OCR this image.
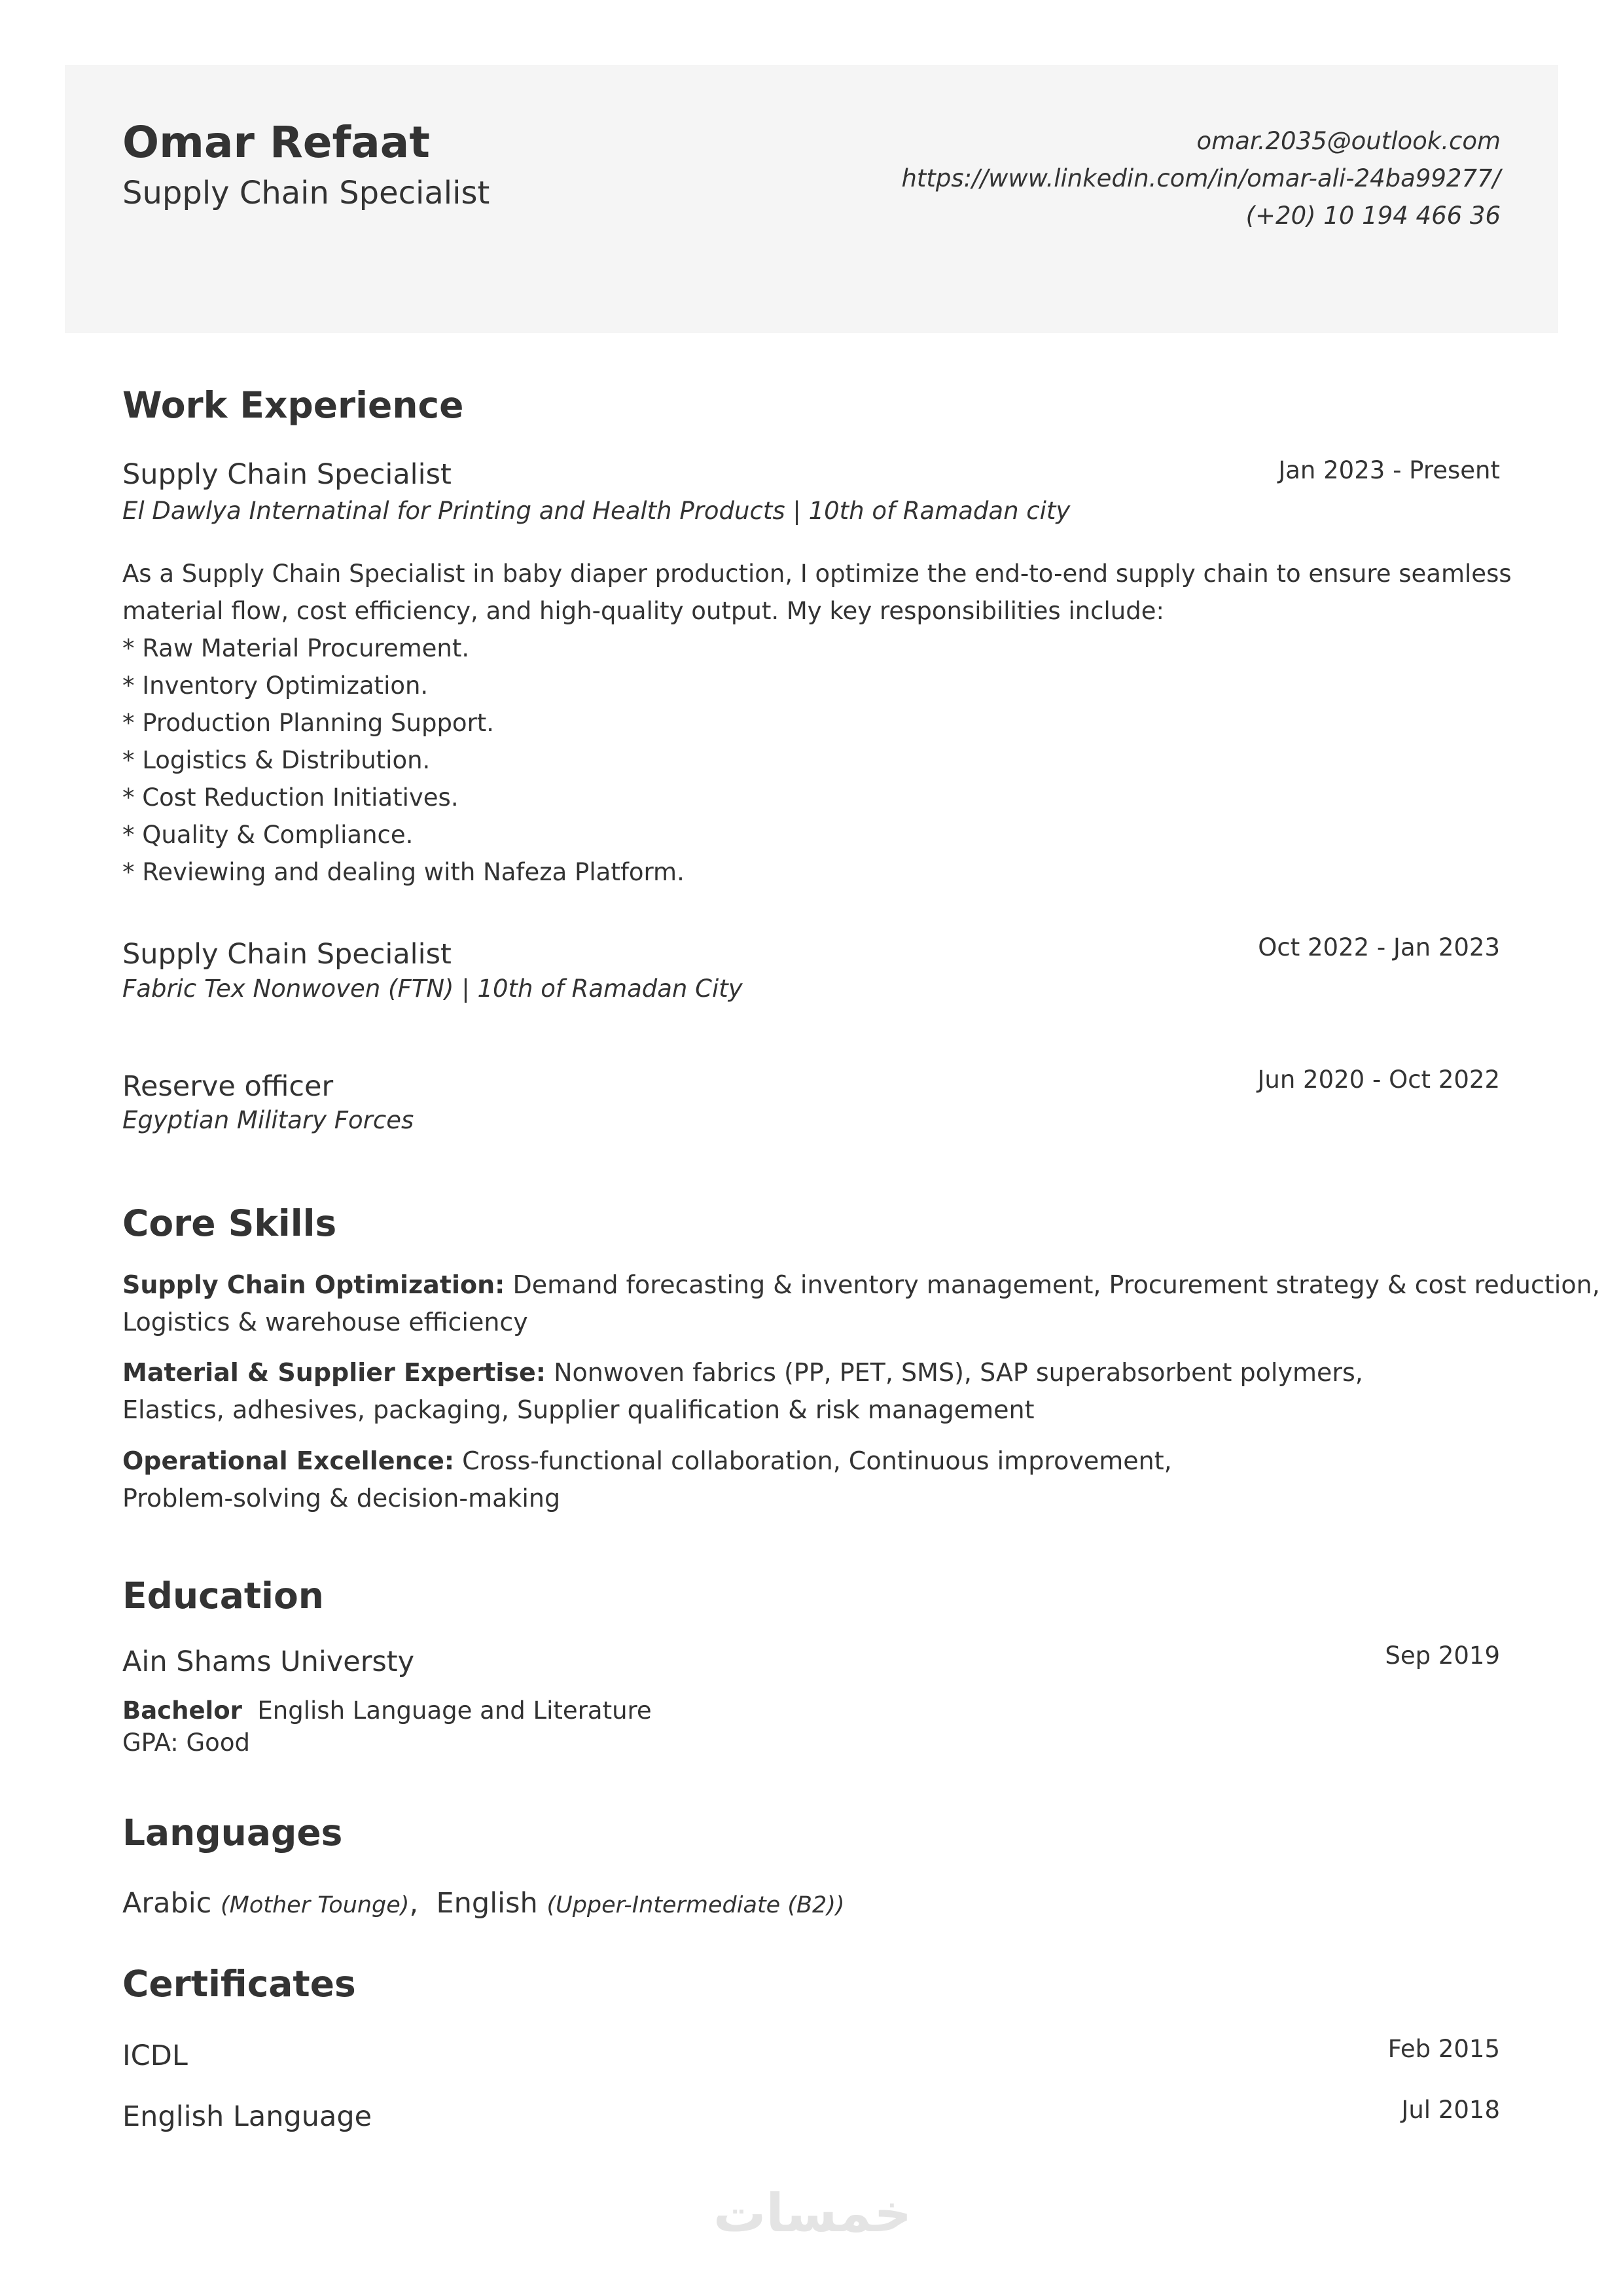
Omar Refaat
Supply Chain Specialist
omar.2035@outlook.com
https://www.linkedin.com/in/omar-ali-24ba99277/
(+20) 10 194 466 36
Work Experience
Supply Chain Specialist	Jan 2023 - Present
El Dawlya Internatinal for Printing and Health Products | 10th of Ramadan city
As a Supply Chain Specialist in baby diaper production, I optimize the end-to-end supply chain to ensure seamless
material flow, cost efficiency, and high-quality output. My key responsibilities include:
* Raw Material Procurement.
* Inventory Optimization.
* Production Planning Support.
* Logistics & Distribution.
* Cost Reduction Initiatives.
* Quality & Compliance.
* Reviewing and dealing with Nafeza Platform.
Supply Chain Specialist	Oct 2022 - Jan 2023
Fabric Tex Nonwoven (FTN) | 10th of Ramadan City
Reserve officer	Jun 2020 - Oct 2022
Egyptian Military Forces
Core Skills
Supply Chain Optimization: Demand forecasting & inventory management, Procurement strategy & cost reduction,
Logistics & warehouse efficiency
Material & Supplier Expertise: Nonwoven fabrics (PP, PET, SMS), SAP superabsorbent polymers,
Elastics, adhesives, packaging, Supplier qualification & risk management
Operational Excellence: Cross-functional collaboration, Continuous improvement,
Problem-solving & decision-making
Education
Ain Shams Universty	Sep 2019
Bachelor English Language and Literature
GPA: Good
Languages
Arabic (Mother Tounge), English (Upper-Intermediate (B2))
Certificates
ICDL	Feb 2015
English Language	Jul 2018
خمسات
